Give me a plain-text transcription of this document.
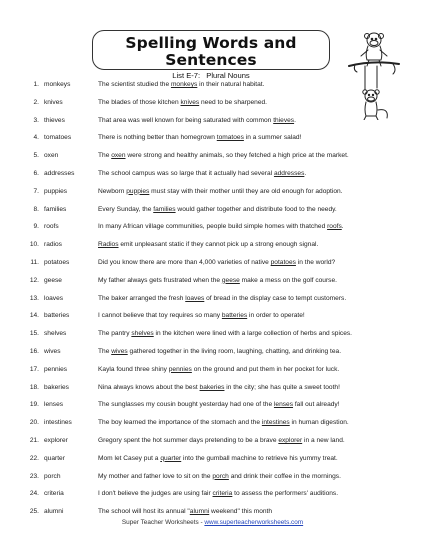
Spelling Words and Sentences
List E-7: Plural Nouns
1. monkeys	The scientist studied the monkeys in their natural habitat.
2. knives	The blades of those kitchen knives need to be sharpened.
3. thieves	That area was well known for being saturated with common thieves.
4. tomatoes	There is nothing better than homegrown tomatoes in a summer salad!
5. oxen	The oxen were strong and healthy animals, so they fetched a high price at the market.
6. addresses	The school campus was so large that it actually had several addresses.
7. puppies	Newborn puppies must stay with their mother until they are old enough for adoption.
8. families	Every Sunday, the families would gather together and distribute food to the needy.
9. roofs	In many African village communities, people build simple homes with thatched roofs.
10. radios	Radios emit unpleasant static if they cannot pick up a strong enough signal.
11. potatoes	Did you know there are more than 4,000 varieties of native potatoes in the world?
12. geese	My father always gets frustrated when the geese make a mess on the golf course.
13. loaves	The baker arranged the fresh loaves of bread in the display case to tempt customers.
14. batteries	I cannot believe that toy requires so many batteries in order to operate!
15. shelves	The pantry shelves in the kitchen were lined with a large collection of herbs and spices.
16. wives	The wives gathered together in the living room, laughing, chatting, and drinking tea.
17. pennies	Kayla found three shiny pennies on the ground and put them in her pocket for luck.
18. bakeries	Nina always knows about the best bakeries in the city; she has quite a sweet tooth!
19. lenses	The sunglasses my cousin bought yesterday had one of the lenses fall out already!
20. intestines	The boy learned the importance of the stomach and the intestines in human digestion.
21. explorer	Gregory spent the hot summer days pretending to be a brave explorer in a new land.
22. quarter	Mom let Casey put a quarter into the gumball machine to retrieve his yummy treat.
23. porch	My mother and father love to sit on the porch and drink their coffee in the mornings.
24. criteria	I don't believe the judges are using fair criteria to assess the performers' auditions.
25. alumni	The school will host its annual "alumni weekend" this month
Super Teacher Worksheets - www.superteacherworksheets.com
